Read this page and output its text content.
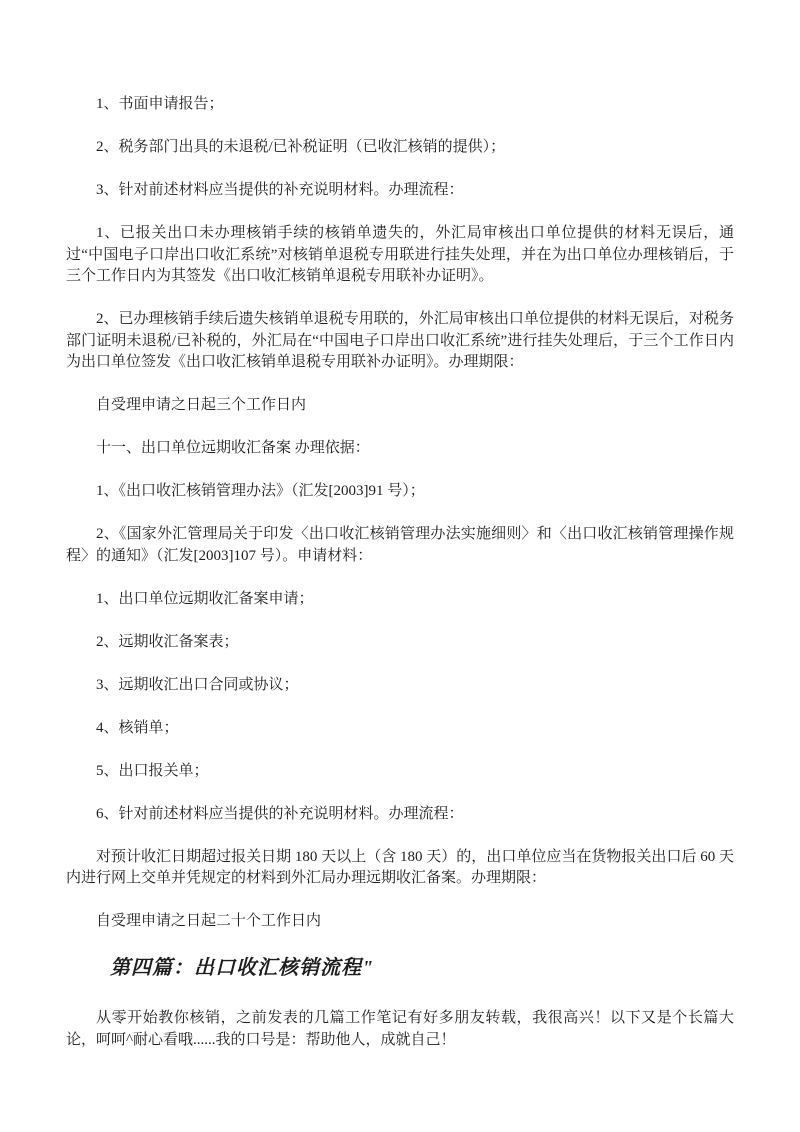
1、书面申请报告；

2、税务部门出具的未退税/已补税证明（已收汇核销的提供）；

3、针对前述材料应当提供的补充说明材料。办理流程：

1、已报关出口未办理核销手续的核销单遗失的，外汇局审核出口单位提供的材料无误后，通过“中国电子口岸出口收汇系统”对核销单退税专用联进行挂失处理，并在为出口单位办理核销后，于三个工作日内为其签发《出口收汇核销单退税专用联补办证明》。

2、已办理核销手续后遗失核销单退税专用联的，外汇局审核出口单位提供的材料无误后，对税务部门证明未退税/已补税的，外汇局在“中国电子口岸出口收汇系统”进行挂失处理后，于三个工作日内为出口单位签发《出口收汇核销单退税专用联补办证明》。办理期限：

自受理申请之日起三个工作日内

十一、出口单位远期收汇备案 办理依据：

1、《出口收汇核销管理办法》（汇发[2003]91 号）；

2、《国家外汇管理局关于印发〈出口收汇核销管理办法实施细则〉和〈出口收汇核销管理操作规程〉的通知》（汇发[2003]107 号）。申请材料：

1、出口单位远期收汇备案申请；

2、远期收汇备案表；

3、远期收汇出口合同或协议；

4、核销单；

5、出口报关单；

6、针对前述材料应当提供的补充说明材料。办理流程：

对预计收汇日期超过报关日期 180 天以上（含 180 天）的，出口单位应当在货物报关出口后 60 天内进行网上交单并凭规定的材料到外汇局办理远期收汇备案。办理期限：

自受理申请之日起二十个工作日内

第四篇：出口收汇核销流程"

从零开始教你核销，之前发表的几篇工作笔记有好多朋友转载，我很高兴！以下又是个长篇大论，呵呵^耐心看哦......我的口号是：帮助他人，成就自己！
